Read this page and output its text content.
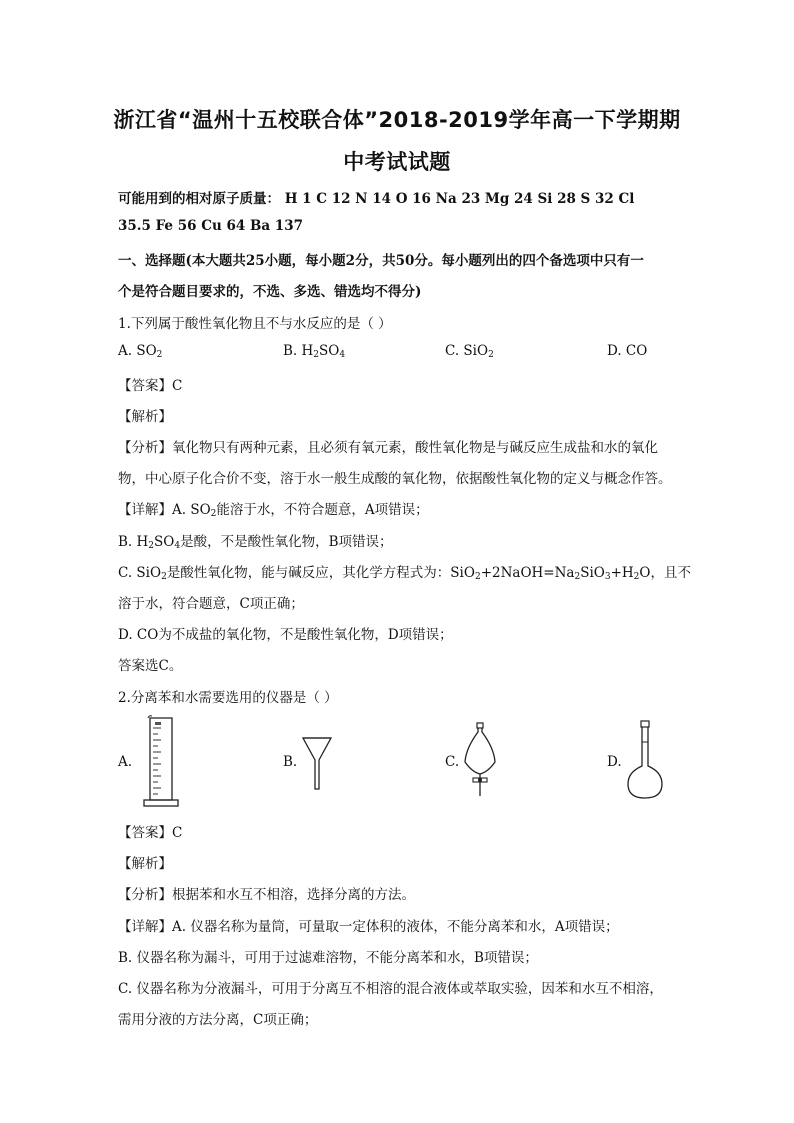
浙江省“温州十五校联合体”2018-2019学年高一下学期期
中考试试题
可能用到的相对原子质量： H 1 C 12 N 14 O 16 Na 23 Mg 24 Si 28 S 32 Cl
35.5 Fe 56 Cu 64 Ba 137
一、选择题(本大题共25小题，每小题2分，共50分。每小题列出的四个备选项中只有一
个是符合题目要求的，不选、多选、错选均不得分)
1.下列属于酸性氧化物且不与水反应的是（ ）
A. $SO_2$	B. $H_2SO_4$	C. SiO$_2$	D. CO
【答案】C
【解析】
【分析】氧化物只有两种元素，且必须有氧元素，酸性氧化物是与碱反应生成盐和水的氧化
物，中心原子化合价不变，溶于水一般生成酸的氧化物，依据酸性氧化物的定义与概念作答。
【详解】A. $SO_2$能溶于水，不符合题意，A项错误；
B. $H_2SO_4$是酸，不是酸性氧化物，B项错误；
C. SiO$_2$是酸性氧化物，能与碱反应，其化学方程式为：$SiO_2+2NaOH=Na_2SiO_3+H_2O$，且不
溶于水，符合题意，C项正确；
D. CO为不成盐的氧化物，不是酸性氧化物，D项错误；
答案选C。
2.分离苯和水需要选用的仪器是（ ）
A.	B.	C.	D.
【答案】C
【解析】
【分析】根据苯和水互不相溶，选择分离的方法。
【详解】A. 仪器名称为量筒，可量取一定体积的液体，不能分离苯和水，A项错误；
B. 仪器名称为漏斗，可用于过滤难溶物，不能分离苯和水，B项错误；
C. 仪器名称为分液漏斗，可用于分离互不相溶的混合液体或萃取实验，因苯和水互不相溶，
需用分液的方法分离，C项正确；
